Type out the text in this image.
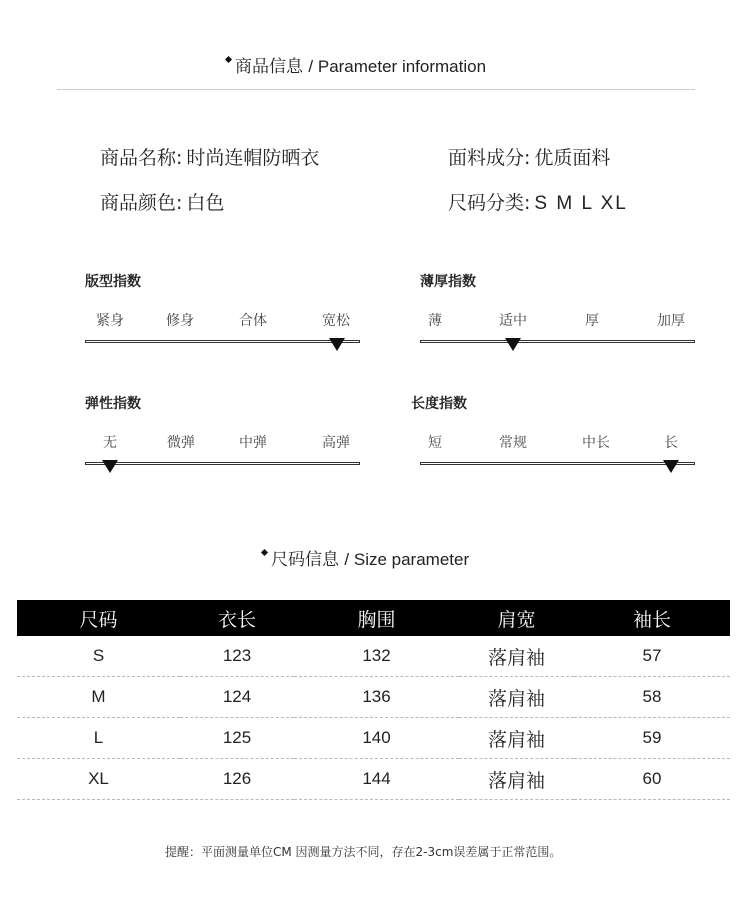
商品信息 / Parameter information
商品名称: 时尚连帽防晒衣	面料成分: 优质面料
商品颜色: 白色	尺码分类: S M L XL
版型指数
紧身	修身	合体	宽松
薄厚指数
薄	适中	厚	加厚
弹性指数
无	微弹	中弹	高弹
长度指数
短	常规	中长	长
尺码信息 / Size parameter
尺码	衣长	胸围	肩宽	袖长
S	123	132	落肩袖	57
M	124	136	落肩袖	58
L	125	140	落肩袖	59
XL	126	144	落肩袖	60
提醒：平面测量单位CM 因测量方法不同，存在2-3cm误差属于正常范围。
